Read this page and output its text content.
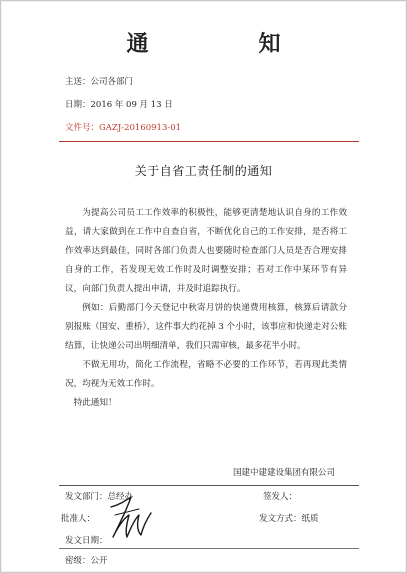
通　知
主送：公司各部门
日期：2016 年 09 月 13 日
文件号：GAZJ-20160913-01
关于自省工责任制的通知

为提高公司员工工作效率的积极性，能够更清楚地认识自身的工作效益，请大家做到在工作中自查自省，不断优化自己的工作安排，是否将工作效率达到最佳，同时各部门负责人也要随时检查部门人员是否合理安排自身的工作，若发现无效工作时及时调整安排；若对工作中某环节有异议，向部门负责人提出申请，并及时追踪执行。

例如：后勤部门今天登记中秋寄月饼的快递费用核算，核算后请款分别报账（国安、重桥），这件事大约花掉 3 个小时，该事应和快递走对公账结算，让快递公司出明细清单，我们只需审核，最多花半小时。

不做无用功，简化工作流程，省略不必要的工作环节，若再现此类情况，均视为无效工作时。

特此通知！

国建中建建设集团有限公司
发文部门：总经办	签发人：
批准人：	发文方式：纸质
发文日期：
密级：公开
